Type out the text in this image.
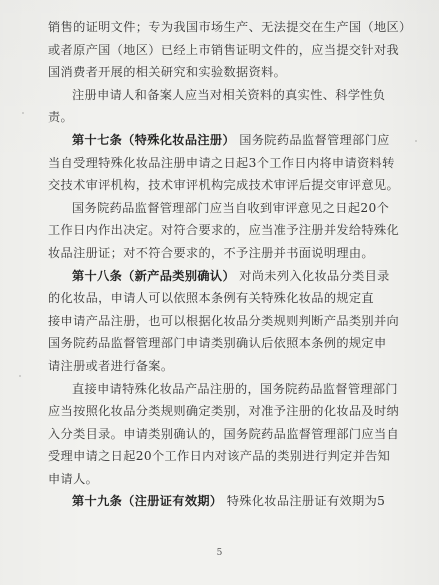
销售的证明文件；专为我国市场生产、无法提交在生产国（地区）
或者原产国（地区）已经上市销售证明文件的，应当提交针对我
国消费者开展的相关研究和实验数据资料。
注册申请人和备案人应当对相关资料的真实性、科学性负
责。
第十七条（特殊化妆品注册） 国务院药品监督管理部门应
当自受理特殊化妆品注册申请之日起3个工作日内将申请资料转
交技术审评机构，技术审评机构完成技术审评后提交审评意见。
国务院药品监督管理部门应当自收到审评意见之日起20个
工作日内作出决定。对符合要求的，应当准予注册并发给特殊化
妆品注册证；对不符合要求的，不予注册并书面说明理由。
第十八条（新产品类别确认） 对尚未列入化妆品分类目录
的化妆品，申请人可以依照本条例有关特殊化妆品的规定直
接申请产品注册，也可以根据化妆品分类规则判断产品类别并向
国务院药品监督管理部门申请类别确认后依照本条例的规定申
请注册或者进行备案。
直接申请特殊化妆品产品注册的，国务院药品监督管理部门
应当按照化妆品分类规则确定类别，对准予注册的化妆品及时纳
入分类目录。申请类别确认的，国务院药品监督管理部门应当自
受理申请之日起20个工作日内对该产品的类别进行判定并告知
申请人。
第十九条（注册证有效期） 特殊化妆品注册证有效期为5
5
